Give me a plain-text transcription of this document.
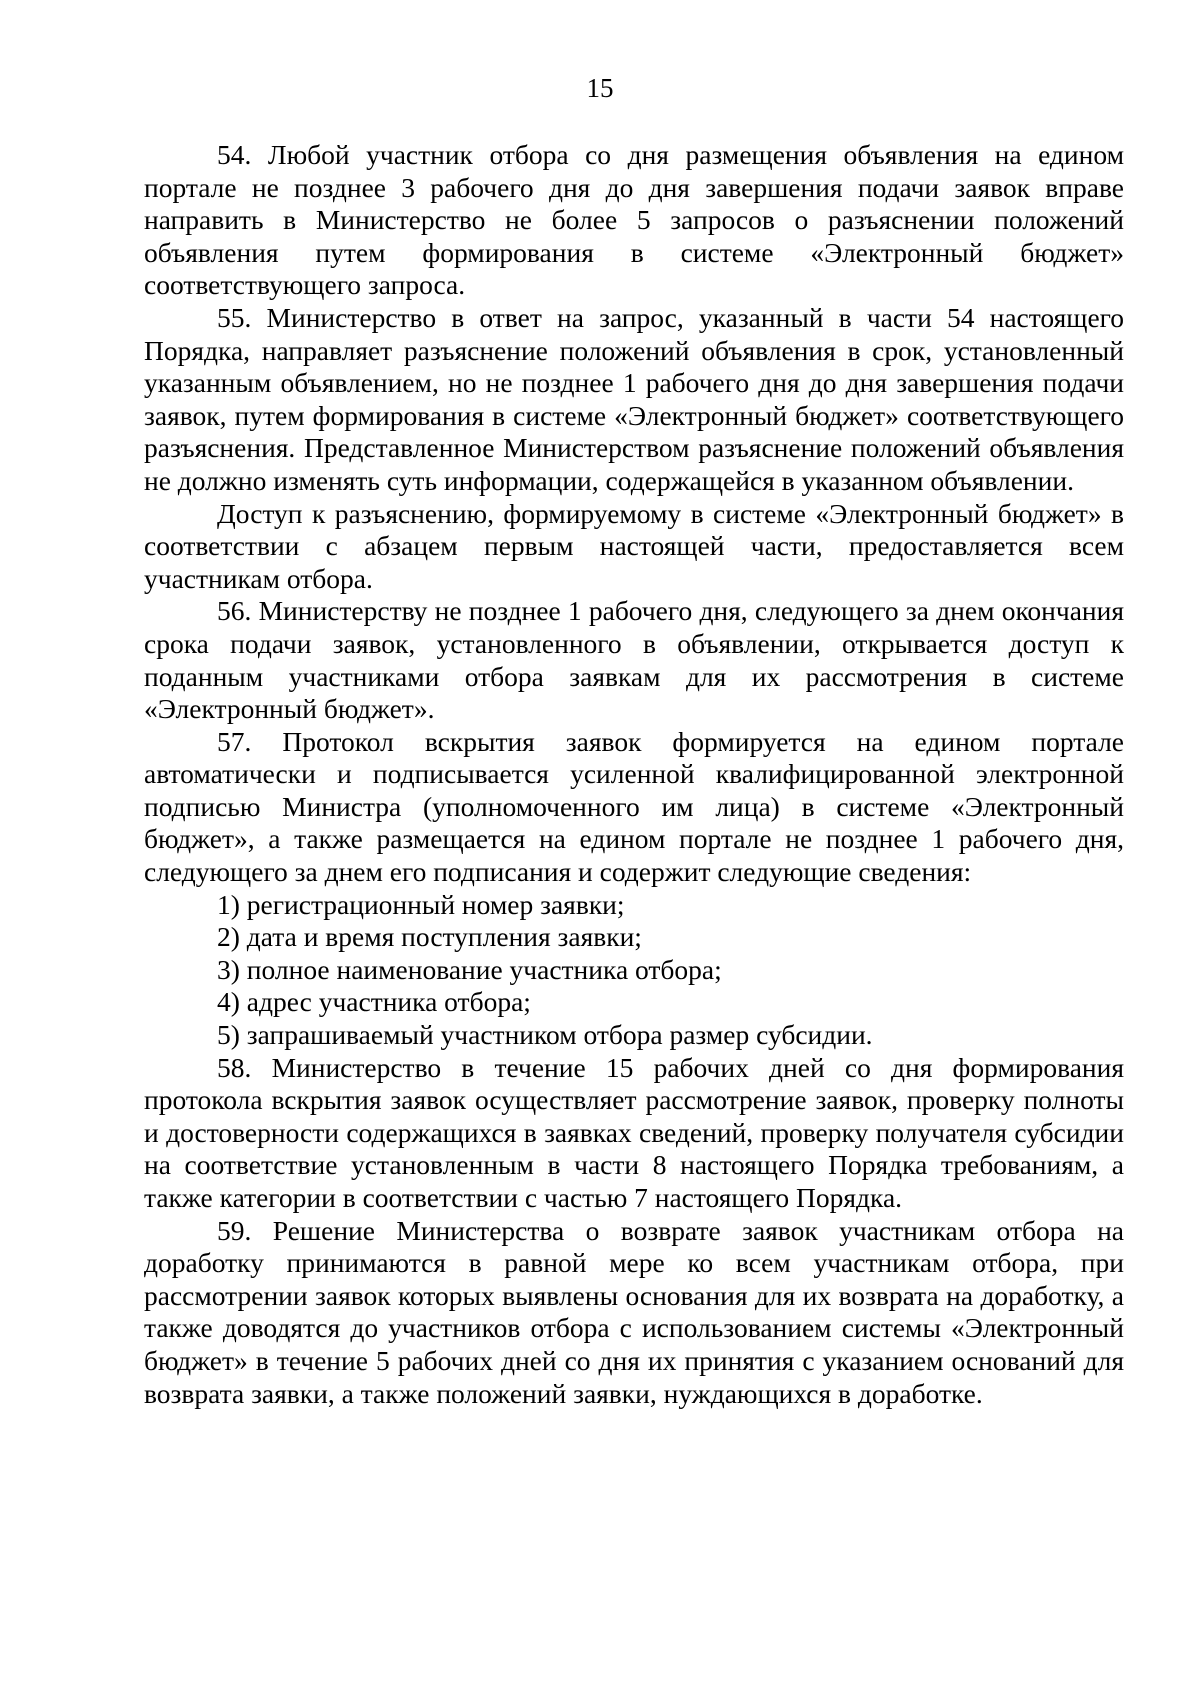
15

54. Любой участник отбора со дня размещения объявления на едином портале не позднее 3 рабочего дня до дня завершения подачи заявок вправе направить в Министерство не более 5 запросов о разъяснении положений объявления путем формирования в системе «Электронный бюджет» соответствующего запроса.

55. Министерство в ответ на запрос, указанный в части 54 настоящего Порядка, направляет разъяснение положений объявления в срок, установленный указанным объявлением, но не позднее 1 рабочего дня до дня завершения подачи заявок, путем формирования в системе «Электронный бюджет» соответствующего разъяснения. Представленное Министерством разъяснение положений объявления не должно изменять суть информации, содержащейся в указанном объявлении.

Доступ к разъяснению, формируемому в системе «Электронный бюджет» в соответствии с абзацем первым настоящей части, предоставляется всем участникам отбора.

56. Министерству не позднее 1 рабочего дня, следующего за днем окончания срока подачи заявок, установленного в объявлении, открывается доступ к поданным участниками отбора заявкам для их рассмотрения в системе «Электронный бюджет».

57. Протокол вскрытия заявок формируется на едином портале автоматически и подписывается усиленной квалифицированной электронной подписью Министра (уполномоченного им лица) в системе «Электронный бюджет», а также размещается на едином портале не позднее 1 рабочего дня, следующего за днем его подписания и содержит следующие сведения:

1) регистрационный номер заявки;

2) дата и время поступления заявки;

3) полное наименование участника отбора;

4) адрес участника отбора;

5) запрашиваемый участником отбора размер субсидии.

58. Министерство в течение 15 рабочих дней со дня формирования протокола вскрытия заявок осуществляет рассмотрение заявок, проверку полноты и достоверности содержащихся в заявках сведений, проверку получателя субсидии на соответствие установленным в части 8 настоящего Порядка требованиям, а также категории в соответствии с частью 7 настоящего Порядка.

59. Решение Министерства о возврате заявок участникам отбора на доработку принимаются в равной мере ко всем участникам отбора, при рассмотрении заявок которых выявлены основания для их возврата на доработку, а также доводятся до участников отбора с использованием системы «Электронный бюджет» в течение 5 рабочих дней со дня их принятия с указанием оснований для возврата заявки, а также положений заявки, нуждающихся в доработке.
